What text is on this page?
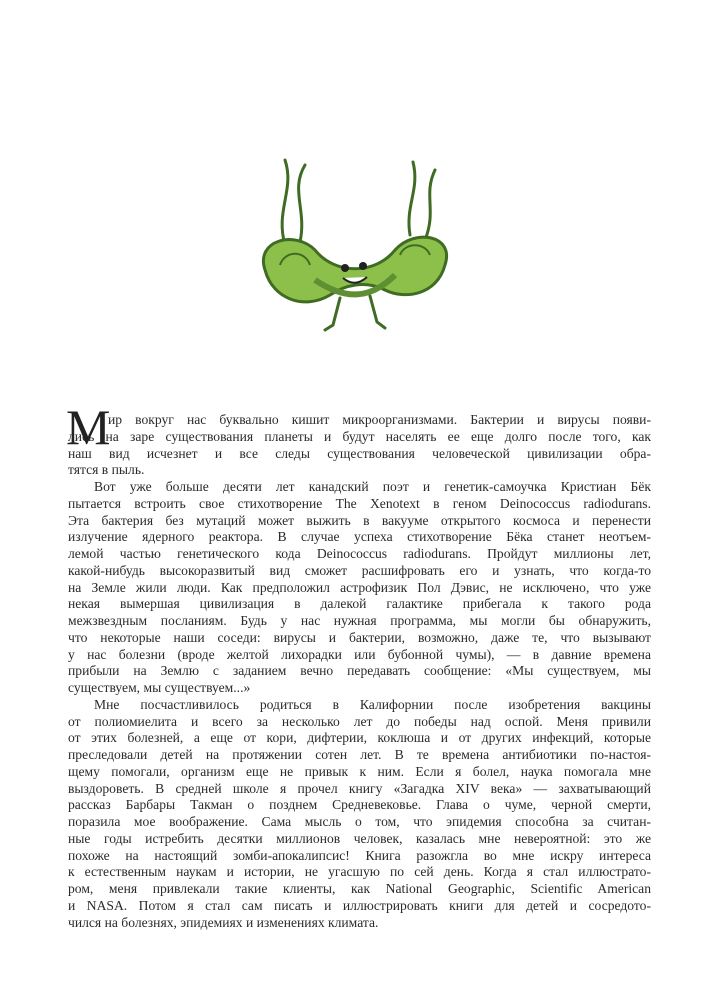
М
ир вокруг нас буквально кишит микроорганизмами. Бактерии и вирусы появи-
лись на заре существования планеты и будут населять ее еще долго после того, как
наш вид исчезнет и все следы существования человеческой цивилизации обра-
тятся в пыль.
Вот уже больше десяти лет канадский поэт и генетик-самоучка Кристиан Бёк
пытается встроить свое стихотворение The Xenotext в геном Deinococcus radiodurans.
Эта бактерия без мутаций может выжить в вакууме открытого космоса и перенести
излучение ядерного реактора. В случае успеха стихотворение Бёка станет неотъем-
лемой частью генетического кода Deinococcus radiodurans. Пройдут миллионы лет,
какой-нибудь высокоразвитый вид сможет расшифровать его и узнать, что когда-то
на Земле жили люди. Как предположил астрофизик Пол Дэвис, не исключено, что уже
некая вымершая цивилизация в далекой галактике прибегала к такого рода
межзвездным посланиям. Будь у нас нужная программа, мы могли бы обнаружить,
что некоторые наши соседи: вирусы и бактерии, возможно, даже те, что вызывают
у нас болезни (вроде желтой лихорадки или бубонной чумы), — в давние времена
прибыли на Землю с заданием вечно передавать сообщение: «Мы существуем, мы
существуем, мы существуем...»
Мне посчастливилось родиться в Калифорнии после изобретения вакцины
от полиомиелита и всего за несколько лет до победы над оспой. Меня привили
от этих болезней, а еще от кори, дифтерии, коклюша и от других инфекций, которые
преследовали детей на протяжении сотен лет. В те времена антибиотики по-настоя-
щему помогали, организм еще не привык к ним. Если я болел, наука помогала мне
выздороветь. В средней школе я прочел книгу «Загадка XIV века» — захватывающий
рассказ Барбары Такман о позднем Средневековье. Глава о чуме, черной смерти,
поразила мое воображение. Сама мысль о том, что эпидемия способна за считан-
ные годы истребить десятки миллионов человек, казалась мне невероятной: это же
похоже на настоящий зомби-апокалипсис! Книга разожгла во мне искру интереса
к естественным наукам и истории, не угасшую по сей день. Когда я стал иллюстрато-
ром, меня привлекали такие клиенты, как National Geographic, Scientific American
и NASA. Потом я стал сам писать и иллюстрировать книги для детей и сосредото-
чился на болезнях, эпидемиях и изменениях климата.
